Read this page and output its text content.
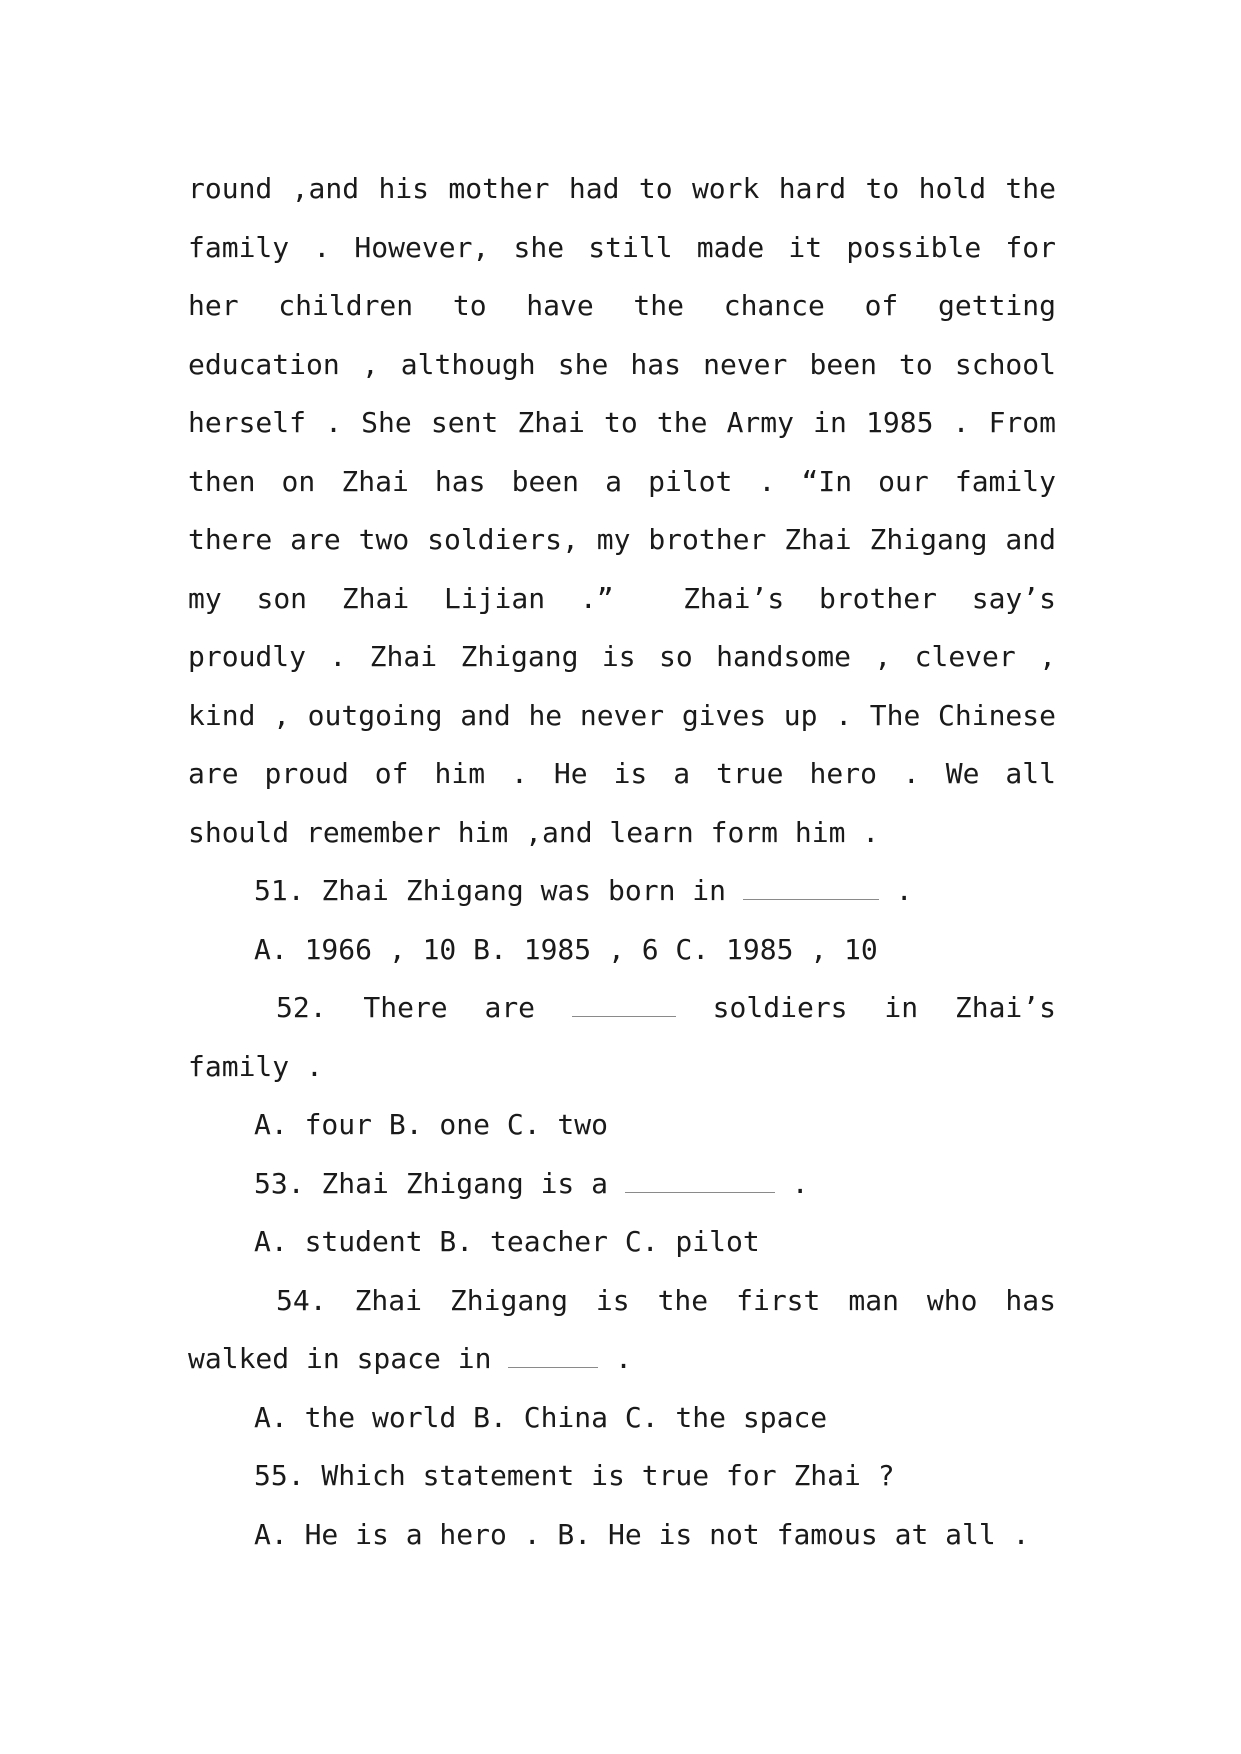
round ,and his mother had to work hard to hold the
family . However, she still made it possible for
her children to have the chance of getting
education , although she has never been to school
herself . She sent Zhai to the Army in 1985 . From
then on Zhai has been a pilot . “In our family
there are two soldiers, my brother Zhai Zhigang and
my son Zhai Lijian .”  Zhai’s brother say’s
proudly . Zhai Zhigang is so handsome , clever ,
kind , outgoing and he never gives up . The Chinese
are proud of him . He is a true hero . We all
should remember him ,and learn form him .
51. Zhai Zhigang was born in	.
A. 1966 , 10 B. 1985 , 6 C. 1985 , 10
52. There are	soldiers in Zhai’s
family .
A. four B. one C. two
53. Zhai Zhigang is a	.
A. student B. teacher C. pilot
54. Zhai Zhigang is the first man who has
walked in space in	.
A. the world B. China C. the space
55. Which statement is true for Zhai ?
A. He is a hero . B. He is not famous at all .
